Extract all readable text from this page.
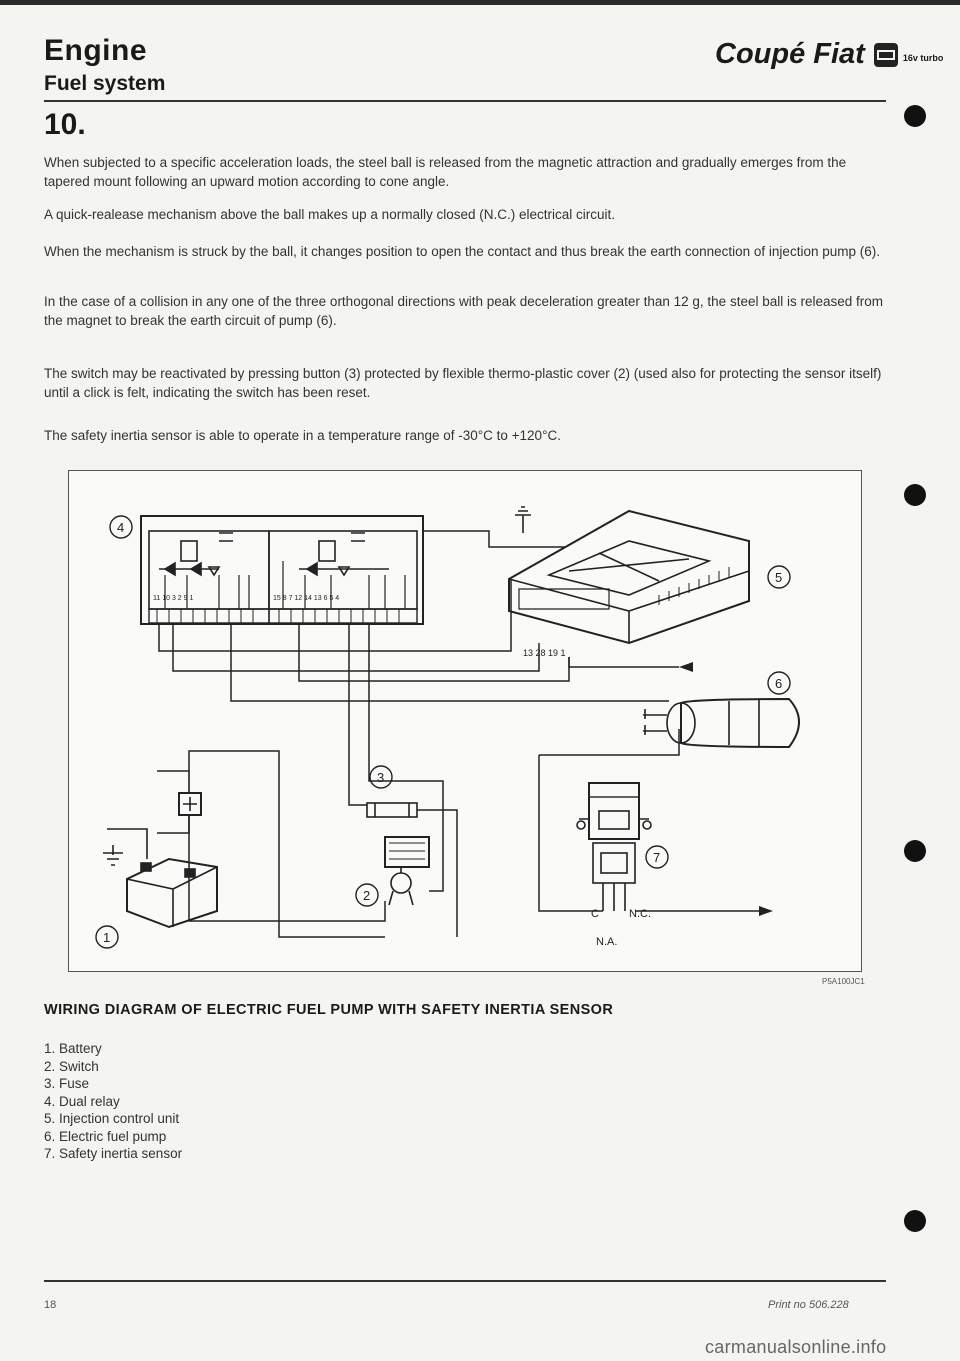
Engine
Fuel system
Coupé Fiat	16v turbo
10.

When subjected to a specific acceleration loads, the steel ball is released from the magnetic attraction and gradually emerges from the tapered mount following an upward motion according to cone angle.

A quick-realease mechanism above the ball makes up a normally closed (N.C.) electrical circuit.

When the mechanism is struck by the ball, it changes position to open the contact and thus break the earth connection of injection pump (6).

In the case of a collision in any one of the three orthogonal directions with peak deceleration greater than 12 g, the steel ball is released from the magnet to break the earth circuit of pump (6).

The switch may be reactivated by pressing button (3) protected by flexible thermo-plastic cover (2) (used also for protecting the sensor itself) until a click is felt, indicating the switch has been reset.

The safety inertia sensor is able to operate in a temperature range of -30°C to +120°C.

11 10 3 2 9 1	15 8 7 12 14 13 6 5 4
13 28 19 1
C	N.C.
N.A.
1
2
3
4
5
6
7
P5A100JC1
WIRING DIAGRAM OF ELECTRIC FUEL PUMP WITH SAFETY INERTIA SENSOR
1. Battery
2. Switch
3. Fuse
4. Dual relay
5. Injection control unit
6. Electric fuel pump
7. Safety inertia sensor
18	Print no 506.228
carmanualsonline.info
